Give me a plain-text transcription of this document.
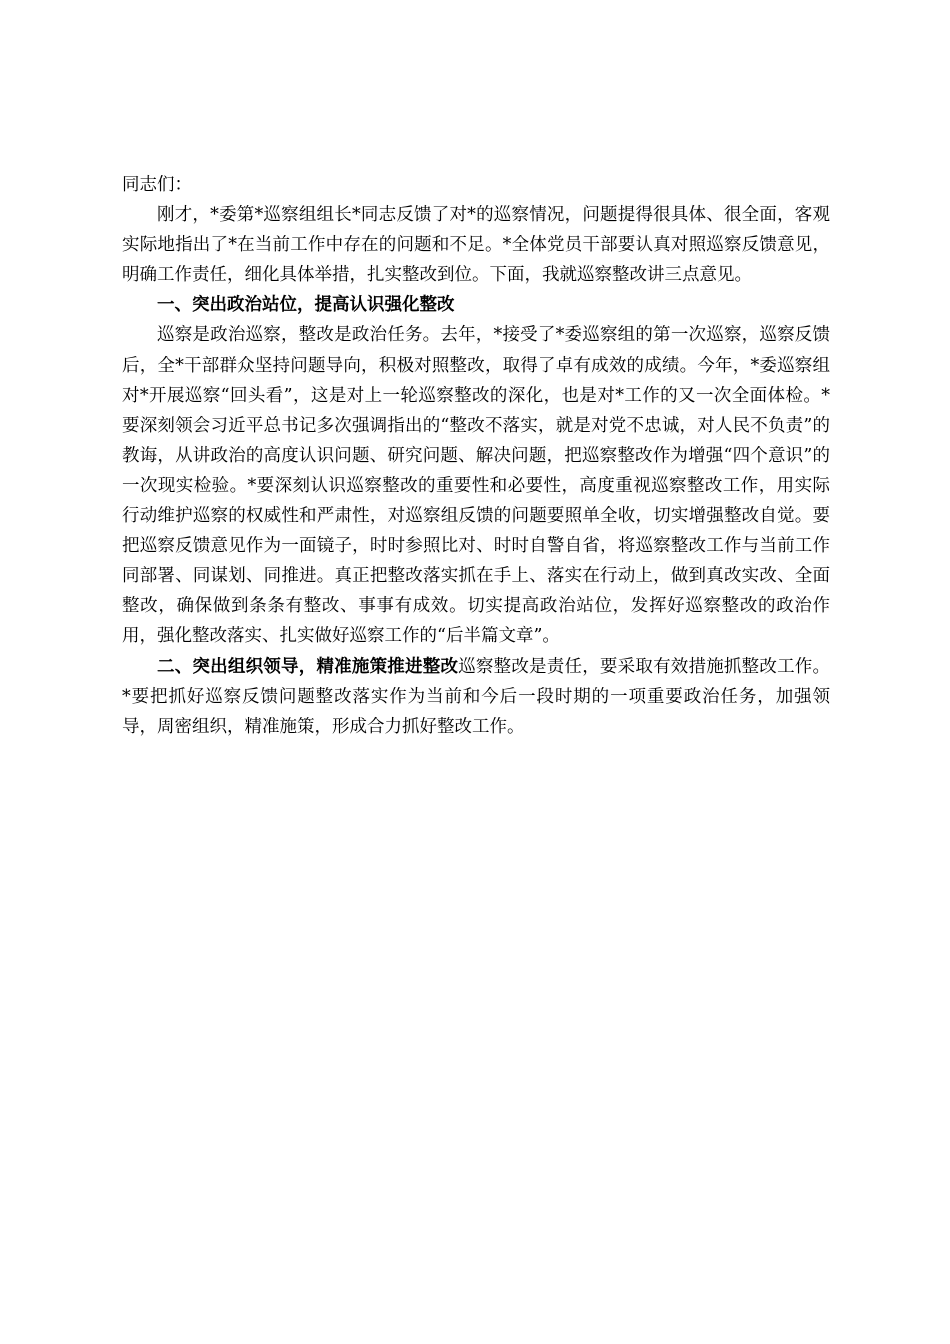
同志们：

刚才，*委第*巡察组组长*同志反馈了对*的巡察情况，问题提得很具体、很全面，客观实际地指出了*在当前工作中存在的问题和不足。*全体党员干部要认真对照巡察反馈意见，明确工作责任，细化具体举措，扎实整改到位。下面，我就巡察整改讲三点意见。

一、突出政治站位，提高认识强化整改

巡察是政治巡察，整改是政治任务。去年，*接受了*委巡察组的第一次巡察，巡察反馈后，全*干部群众坚持问题导向，积极对照整改，取得了卓有成效的成绩。今年，*委巡察组对*开展巡察“回头看”，这是对上一轮巡察整改的深化，也是对*工作的又一次全面体检。*要深刻领会习近平总书记多次强调指出的“整改不落实，就是对党不忠诚，对人民不负责”的教诲，从讲政治的高度认识问题、研究问题、解决问题，把巡察整改作为增强“四个意识”的一次现实检验。*要深刻认识巡察整改的重要性和必要性，高度重视巡察整改工作，用实际行动维护巡察的权威性和严肃性，对巡察组反馈的问题要照单全收，切实增强整改自觉。要把巡察反馈意见作为一面镜子，时时参照比对、时时自警自省，将巡察整改工作与当前工作同部署、同谋划、同推进。真正把整改落实抓在手上、落实在行动上，做到真改实改、全面整改，确保做到条条有整改、事事有成效。切实提高政治站位，发挥好巡察整改的政治作用，强化整改落实、扎实做好巡察工作的“后半篇文章”。

二、突出组织领导，精准施策推进整改巡察整改是责任，要采取有效措施抓整改工作。*要把抓好巡察反馈问题整改落实作为当前和今后一段时期的一项重要政治任务，加强领导，周密组织，精准施策，形成合力抓好整改工作。
